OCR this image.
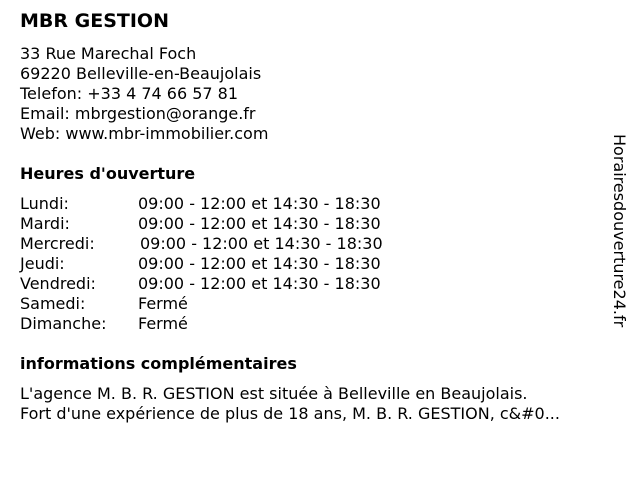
MBR GESTION
33 Rue Marechal Foch
69220 Belleville-en-Beaujolais
Telefon: +33 4 74 66 57 81
Email: mbrgestion@orange.fr
Web: www.mbr-immobilier.com
Heures d'ouverture
Lundi:	09:00 - 12:00 et 14:30 - 18:30
Mardi:	09:00 - 12:00 et 14:30 - 18:30
Mercredi:	09:00 - 12:00 et 14:30 - 18:30
Jeudi:	09:00 - 12:00 et 14:30 - 18:30
Vendredi:	09:00 - 12:00 et 14:30 - 18:30
Samedi:	Fermé
Dimanche:	Fermé
informations complémentaires
L'agence M. B. R. GESTION est située à Belleville en Beaujolais.
Fort d'une expérience de plus de 18 ans, M. B. R. GESTION, c&#0...
Horairesdouverture24.fr
